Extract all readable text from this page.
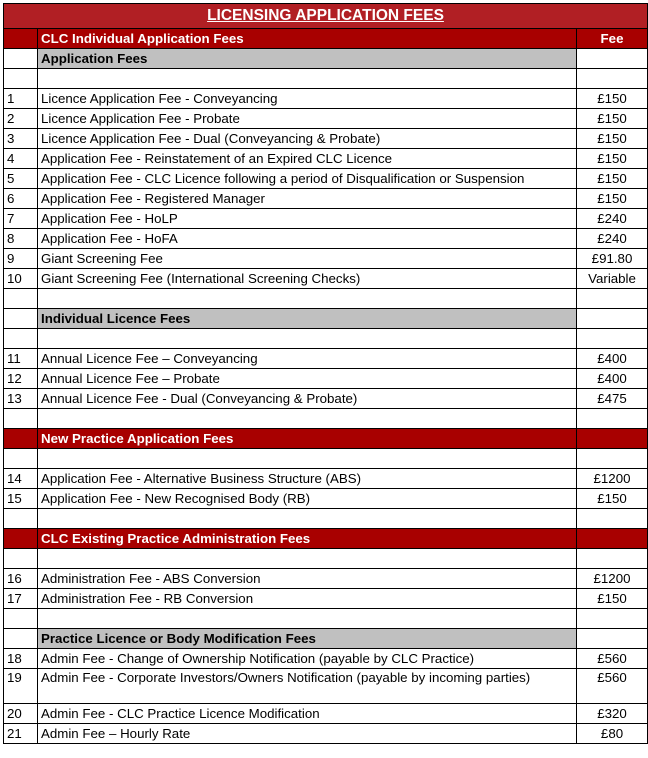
LICENSING APPLICATION FEES		
	CLC Individual Application Fees	Fee
	Application Fees	

1	Licence Application Fee - Conveyancing	£150
2	Licence Application Fee - Probate	£150
3	Licence Application Fee - Dual (Conveyancing & Probate)	£150
4	Application Fee - Reinstatement of an Expired CLC Licence	£150
5	Application Fee - CLC Licence following a period of Disqualification or Suspension	£150
6	Application Fee - Registered Manager	£150
7	Application Fee - HoLP	£240
8	Application Fee - HoFA	£240
9	Giant Screening Fee	£91.80
10	Giant Screening Fee (International Screening Checks)	Variable

	Individual Licence Fees	

11	Annual Licence Fee – Conveyancing	£400
12	Annual Licence Fee – Probate	£400
13	Annual Licence Fee - Dual (Conveyancing & Probate)	£475

	New Practice Application Fees	

14	Application Fee - Alternative Business Structure (ABS)	£1200
15	Application Fee - New Recognised Body (RB)	£150

	CLC Existing Practice Administration Fees	

16	Administration Fee - ABS Conversion	£1200
17	Administration Fee - RB Conversion	£150

	Practice Licence or Body Modification Fees	
18	Admin Fee - Change of Ownership Notification (payable by CLC Practice)	£560
19	Admin Fee - Corporate Investors/Owners Notification (payable by incoming parties)	£560
20	Admin Fee - CLC Practice Licence Modification	£320
21	Admin Fee – Hourly Rate	£80
